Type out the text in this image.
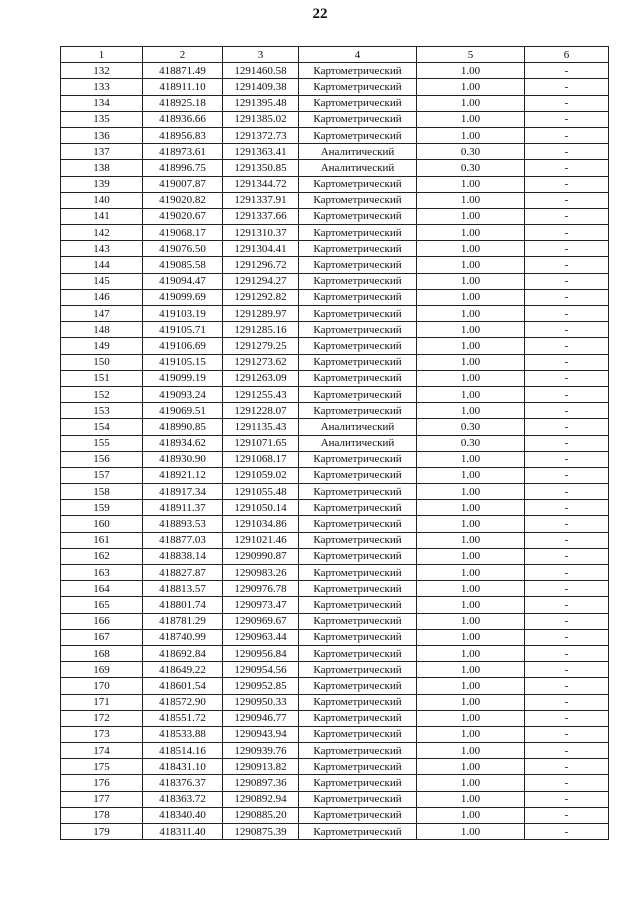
22
1	2	3	4	5	6
132	418871.49	1291460.58	Картометрический	1.00	-
133	418911.10	1291409.38	Картометрический	1.00	-
134	418925.18	1291395.48	Картометрический	1.00	-
135	418936.66	1291385.02	Картометрический	1.00	-
136	418956.83	1291372.73	Картометрический	1.00	-
137	418973.61	1291363.41	Аналитический	0.30	-
138	418996.75	1291350.85	Аналитический	0.30	-
139	419007.87	1291344.72	Картометрический	1.00	-
140	419020.82	1291337.91	Картометрический	1.00	-
141	419020.67	1291337.66	Картометрический	1.00	-
142	419068.17	1291310.37	Картометрический	1.00	-
143	419076.50	1291304.41	Картометрический	1.00	-
144	419085.58	1291296.72	Картометрический	1.00	-
145	419094.47	1291294.27	Картометрический	1.00	-
146	419099.69	1291292.82	Картометрический	1.00	-
147	419103.19	1291289.97	Картометрический	1.00	-
148	419105.71	1291285.16	Картометрический	1.00	-
149	419106.69	1291279.25	Картометрический	1.00	-
150	419105.15	1291273.62	Картометрический	1.00	-
151	419099.19	1291263.09	Картометрический	1.00	-
152	419093.24	1291255.43	Картометрический	1.00	-
153	419069.51	1291228.07	Картометрический	1.00	-
154	418990.85	1291135.43	Аналитический	0.30	-
155	418934.62	1291071.65	Аналитический	0.30	-
156	418930.90	1291068.17	Картометрический	1.00	-
157	418921.12	1291059.02	Картометрический	1.00	-
158	418917.34	1291055.48	Картометрический	1.00	-
159	418911.37	1291050.14	Картометрический	1.00	-
160	418893.53	1291034.86	Картометрический	1.00	-
161	418877.03	1291021.46	Картометрический	1.00	-
162	418838.14	1290990.87	Картометрический	1.00	-
163	418827.87	1290983.26	Картометрический	1.00	-
164	418813.57	1290976.78	Картометрический	1.00	-
165	418801.74	1290973.47	Картометрический	1.00	-
166	418781.29	1290969.67	Картометрический	1.00	-
167	418740.99	1290963.44	Картометрический	1.00	-
168	418692.84	1290956.84	Картометрический	1.00	-
169	418649.22	1290954.56	Картометрический	1.00	-
170	418601.54	1290952.85	Картометрический	1.00	-
171	418572.90	1290950.33	Картометрический	1.00	-
172	418551.72	1290946.77	Картометрический	1.00	-
173	418533.88	1290943.94	Картометрический	1.00	-
174	418514.16	1290939.76	Картометрический	1.00	-
175	418431.10	1290913.82	Картометрический	1.00	-
176	418376.37	1290897.36	Картометрический	1.00	-
177	418363.72	1290892.94	Картометрический	1.00	-
178	418340.40	1290885.20	Картометрический	1.00	-
179	418311.40	1290875.39	Картометрический	1.00	-
